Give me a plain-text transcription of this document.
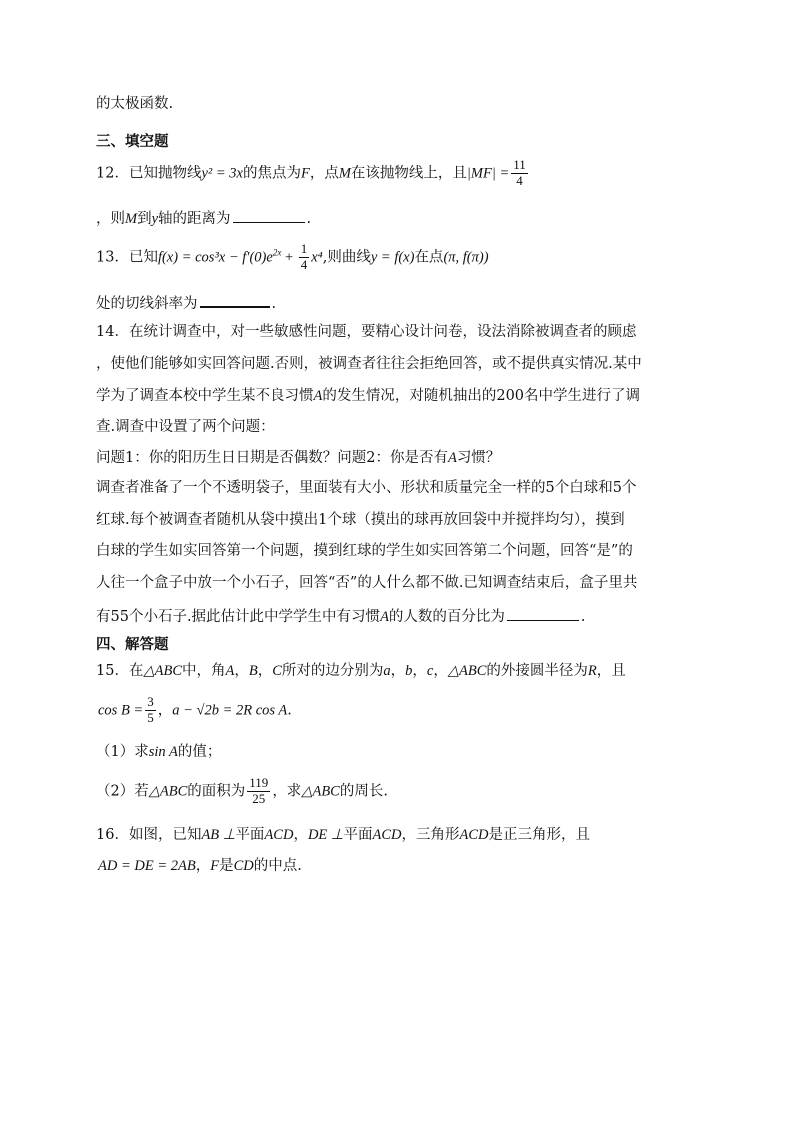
的太极函数.
三、填空题
12．已知抛物线y² = 3x的焦点为F，点M在该抛物线上，且$|MF| = \frac{11}{4}$
，则M到y轴的距离为	.
13．已知$f(x) = \cos^3x - f'(0)e^{2x} + \frac{1}{4} x^4$,则曲线y = f(x)在点(π, f(π))
处的切线斜率为	.
14．在统计调查中，对一些敏感性问题，要精心设计问卷，设法消除被调查者的顾虑
，使他们能够如实回答问题.否则，被调查者往往会拒绝回答，或不提供真实情况.某中
学为了调查本校中学生某不良习惯A的发生情况，对随机抽出的200名中学生进行了调
查.调查中设置了两个问题：
问题1：你的阳历生日日期是否偶数？问题2：你是否有A习惯？
调查者准备了一个不透明袋子，里面装有大小、形状和质量完全一样的5个白球和5个
红球.每个被调查者随机从袋中摸出1个球（摸出的球再放回袋中并搅拌均匀），摸到
白球的学生如实回答第一个问题，摸到红球的学生如实回答第二个问题，回答“是”的
人往一个盒子中放一个小石子，回答“否”的人什么都不做.已知调查结束后，盒子里共
有55个小石子.据此估计此中学学生中有习惯A的人数的百分比为	.
四、解答题
15．在△ABC中，角A，B，C所对的边分别为a，b，c，△ABC的外接圆半径为R，且
$\cos B = \frac{3}{5}$ ，a − √2b = 2R cos A.
（1）求sin A的值；
（2）若△ABC的面积为 $\frac{119}{25}$ ，求△ABC的周长.
16．如图，已知AB ⊥平面ACD，DE ⊥平面ACD，三角形ACD是正三角形，且
AD = DE = 2AB，F是CD的中点.
